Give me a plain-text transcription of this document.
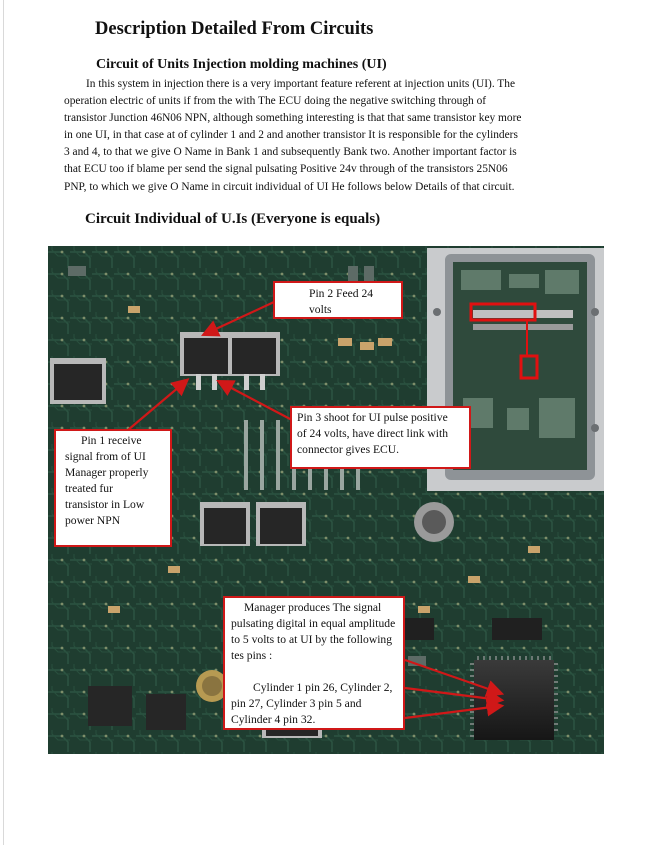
Description Detailed From Circuits
Circuit of Units Injection molding machines (UI)
In this system in injection there is a very important feature referent at injection units (UI). The
operation electric of units if from the with The ECU doing the negative switching through of
transistor Junction 46N06 NPN, although something interesting is that that same transistor key more
in one UI, in that case at of cylinder 1 and 2 and another transistor It is responsible for the cylinders
3 and 4, to that we give O Name in Bank 1 and subsequently Bank two. Another important factor is
that ECU too if blame per send the signal pulsating Positive 24v through of the transistors 25N06
PNP, to which we give O Name in circuit individual of UI He follows below Details of that circuit.
Circuit Individual of U.Is (Everyone is equals)
Pin 2 Feed 24
volts
Pin 3 shoot for UI pulse positive
of 24 volts, have direct link with
connector gives ECU.
Pin 1 receive
signal from of UI
Manager properly
treated fur
transistor in Low
power NPN
Manager produces The signal
pulsating digital in equal amplitude
to 5 volts to at UI by the following
tes pins :

Cylinder 1 pin 26, Cylinder 2,
pin 27, Cylinder 3 pin 5 and
Cylinder 4 pin 32.
